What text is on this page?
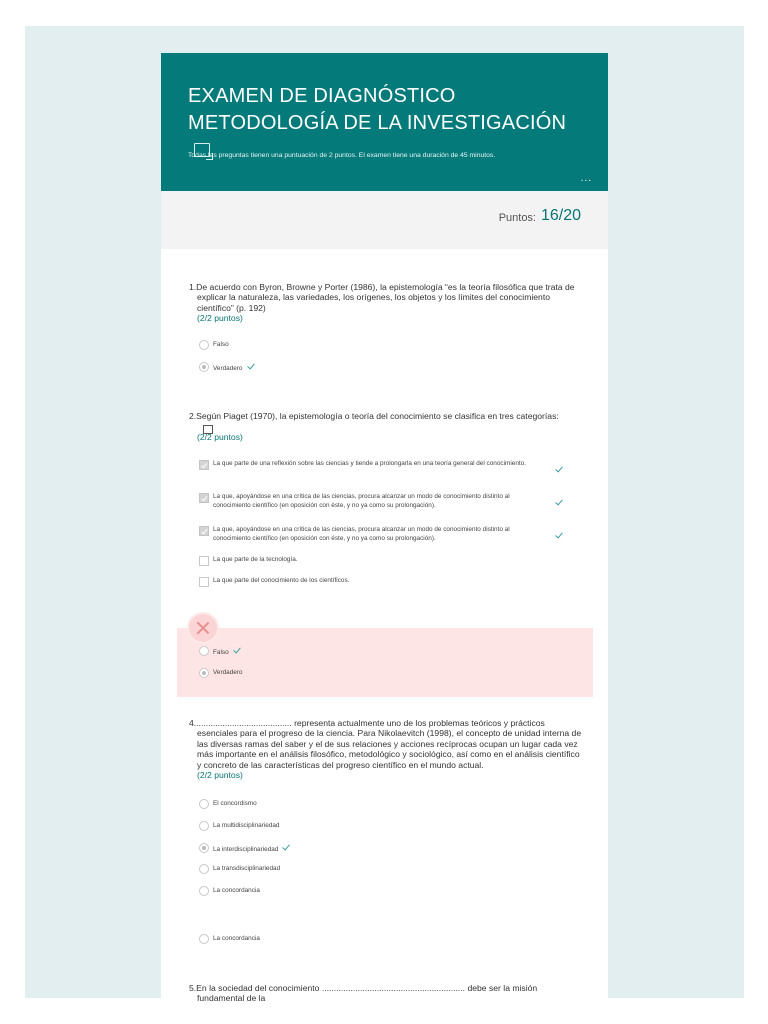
EXAMEN DE DIAGNÓSTICO METODOLOGÍA DE LA INVESTIGACIÓN
Todas las preguntas tienen una puntuación de 2 puntos. El examen tiene una duración de 45 minutos.
...
Puntos: 16/20
1.De acuerdo con Byron, Browne y Porter (1986), la epistemología “es la teoría filosófica que trata de explicar la naturaleza, las variedades, los orígenes, los objetos y los límites del conocimiento científico” (p. 192)
(2/2 puntos)
Falso
Verdadero
2.Según Piaget (1970), la epistemología o teoría del conocimiento se clasifica en tres categorías:
(2/2 puntos)
La que parte de una reflexión sobre las ciencias y tiende a prolongarla en una teoría general del conocimiento.
La que, apoyándose en una crítica de las ciencias, procura alcanzar un modo de conocimiento distinto al conocimiento científico (en oposición con éste, y no ya como su prolongación).
La que, apoyándose en una crítica de las ciencias, procura alcanzar un modo de conocimiento distinto al conocimiento científico (en oposición con éste, y no ya como su prolongación).
La que parte de la tecnología.
La que parte del conocimiento de los científicos.
Falso
Verdadero
4......................................... representa actualmente uno de los problemas teóricos y prácticos esenciales para el progreso de la ciencia. Para Nikolaevitch (1998), el concepto de unidad interna de las diversas ramas del saber y el de sus relaciones y acciones recíprocas ocupan un lugar cada vez más importante en el análisis filosófico, metodológico y sociológico, así como en el análisis científico y concreto de las características del progreso científico en el mundo actual.
(2/2 puntos)
El concordismo
La multidisciplinariedad
La interdisciplinariedad
La transdisciplinariedad
La concordancia
La concordancia
5.En la sociedad del conocimiento ............................................................ debe ser la misión fundamental de la
